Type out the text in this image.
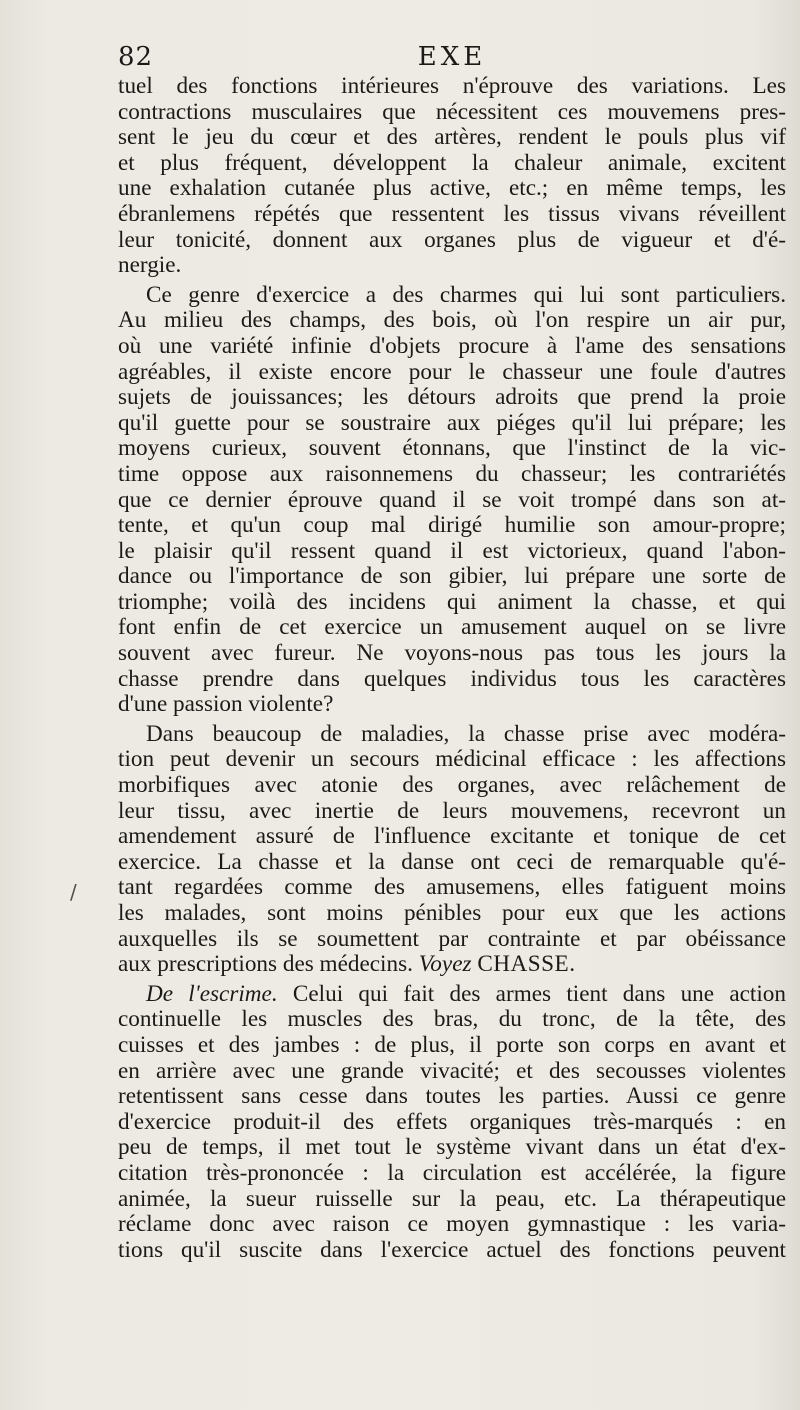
82	EXE
/
tuel des fonctions intérieures n'éprouve des variations. Les
contractions musculaires que nécessitent ces mouvemens pres-
sent le jeu du cœur et des artères, rendent le pouls plus vif
et plus fréquent, développent la chaleur animale, excitent
une exhalation cutanée plus active, etc.; en même temps, les
ébranlemens répétés que ressentent les tissus vivans réveillent
leur tonicité, donnent aux organes plus de vigueur et d'é-
nergie.
Ce genre d'exercice a des charmes qui lui sont particuliers.
Au milieu des champs, des bois, où l'on respire un air pur,
où une variété infinie d'objets procure à l'ame des sensations
agréables, il existe encore pour le chasseur une foule d'autres
sujets de jouissances; les détours adroits que prend la proie
qu'il guette pour se soustraire aux piéges qu'il lui prépare; les
moyens curieux, souvent étonnans, que l'instinct de la vic-
time oppose aux raisonnemens du chasseur; les contrariétés
que ce dernier éprouve quand il se voit trompé dans son at-
tente, et qu'un coup mal dirigé humilie son amour-propre;
le plaisir qu'il ressent quand il est victorieux, quand l'abon-
dance ou l'importance de son gibier, lui prépare une sorte de
triomphe; voilà des incidens qui animent la chasse, et qui
font enfin de cet exercice un amusement auquel on se livre
souvent avec fureur. Ne voyons-nous pas tous les jours la
chasse prendre dans quelques individus tous les caractères
d'une passion violente?
Dans beaucoup de maladies, la chasse prise avec modéra-
tion peut devenir un secours médicinal efficace : les affections
morbifiques avec atonie des organes, avec relâchement de
leur tissu, avec inertie de leurs mouvemens, recevront un
amendement assuré de l'influence excitante et tonique de cet
exercice. La chasse et la danse ont ceci de remarquable qu'é-
tant regardées comme des amusemens, elles fatiguent moins
les malades, sont moins pénibles pour eux que les actions
auxquelles ils se soumettent par contrainte et par obéissance
aux prescriptions des médecins. Voyez CHASSE.
De l'escrime. Celui qui fait des armes tient dans une action
continuelle les muscles des bras, du tronc, de la tête, des
cuisses et des jambes : de plus, il porte son corps en avant et
en arrière avec une grande vivacité; et des secousses violentes
retentissent sans cesse dans toutes les parties. Aussi ce genre
d'exercice produit-il des effets organiques très-marqués : en
peu de temps, il met tout le système vivant dans un état d'ex-
citation très-prononcée : la circulation est accélérée, la figure
animée, la sueur ruisselle sur la peau, etc. La thérapeutique
réclame donc avec raison ce moyen gymnastique : les varia-
tions qu'il suscite dans l'exercice actuel des fonctions peuvent
